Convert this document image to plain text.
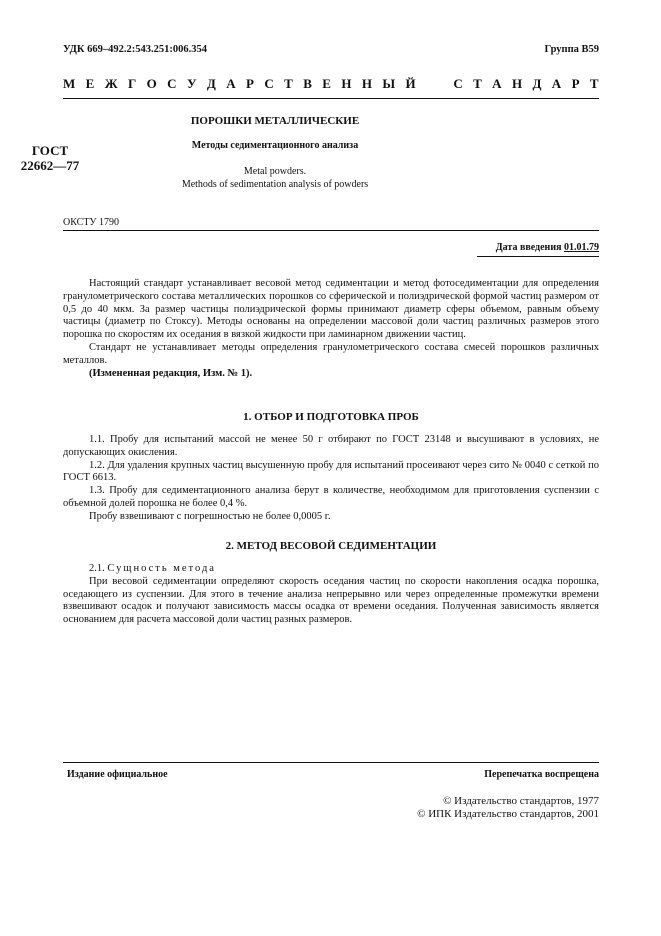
УДК 669–492.2:543.251:006.354	Группа В59
М Е Ж Г О С У Д А Р С Т В Е Н Н Ы Й

	С Т А Н Д А Р Т
ПОРОШКИ МЕТАЛЛИЧЕСКИЕ
Методы седиментационного анализа
Metal powders.
Methods of sedimentation analysis of powders
ГОСТ
22662—77
ОКСТУ 1790
Дата введения 01.01.79

Настоящий стандарт устанавливает весовой метод седиментации и метод фотоседиментации для определения гранулометрического состава металлических порошков со сферической и полиэдрической формой частиц размером от 0,5 до 40 мкм. За размер частицы полиэдрической формы принимают диаметр сферы объемом, равным объему частицы (диаметр по Стоксу). Методы основаны на определении массовой доли частиц различных размеров этого порошка по скоростям их оседания в вязкой жидкости при ламинарном движении частиц.

Стандарт не устанавливает методы определения гранулометрического состава смесей порошков различных металлов.

(Измененная редакция, Изм. № 1).

1. ОТБОР И ПОДГОТОВКА ПРОБ

1.1. Пробу для испытаний массой не менее 50 г отбирают по ГОСТ 23148 и высушивают в условиях, не допускающих окисления.

1.2. Для удаления крупных частиц высушенную пробу для испытаний просеивают через сито № 0040 с сеткой по ГОСТ 6613.

1.3. Пробу для седиментационного анализа берут в количестве, необходимом для приготовления суспензии с объемной долей порошка не более 0,4 %.

Пробу взвешивают с погрешностью не более 0,0005 г.

2. МЕТОД ВЕСОВОЙ СЕДИМЕНТАЦИИ

2.1. Сущность метода

При весовой седиментации определяют скорость оседания частиц по скорости накопления осадка порошка, оседающего из суспензии. Для этого в течение анализа непрерывно или через определенные промежутки времени взвешивают осадок и получают зависимость массы осадка от времени оседания. Полученная зависимость является основанием для расчета массовой доли частиц разных размеров.

Издание официальное	Перепечатка воспрещена
© Издательство стандартов, 1977
© ИПК Издательство стандартов, 2001
